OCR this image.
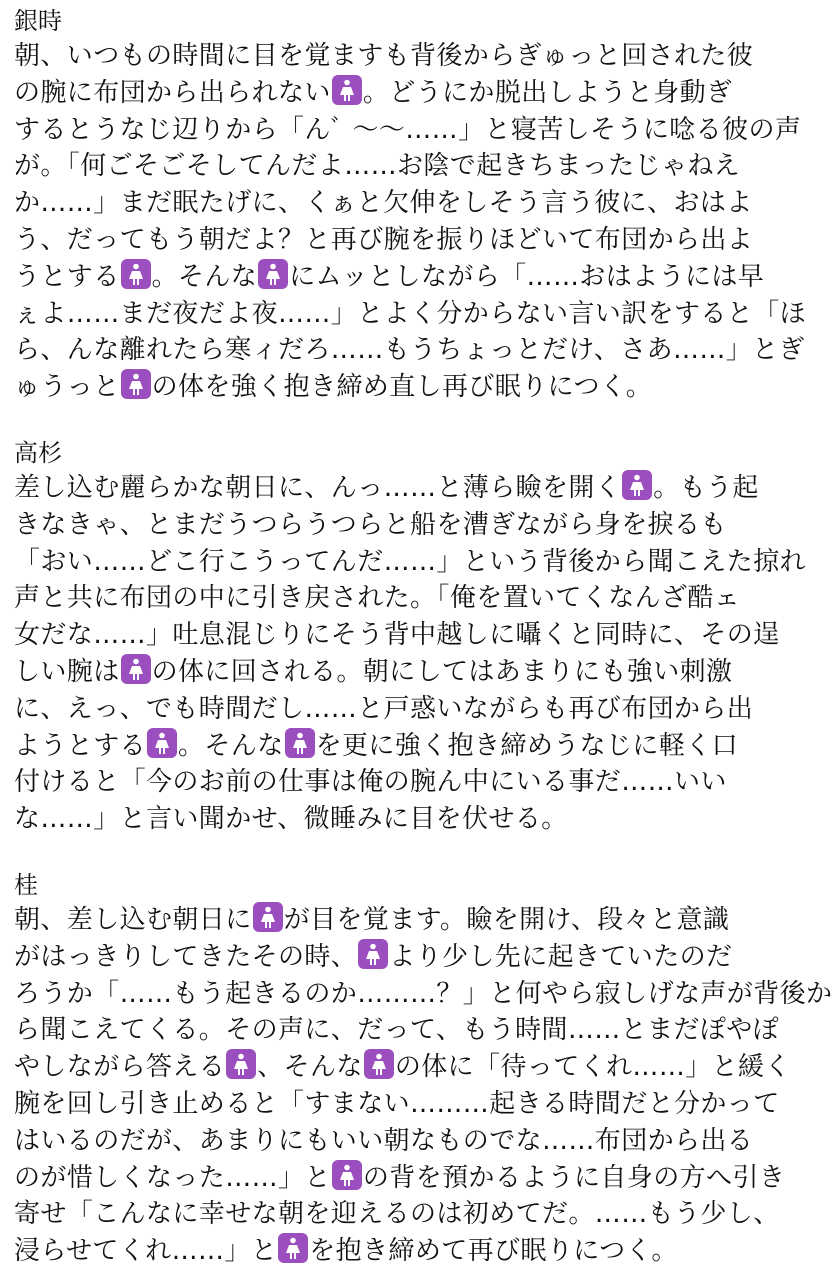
銀時
朝、いつもの時間に目を覚ますも背後からぎゅっと回された彼
の腕に布団から出られない 。どうにか脱出しようと身動ぎ
するとうなじ辺りから「んﾞ 〜〜……」と寝苦しそうに唸る彼の声
が。「何ごそごそしてんだよ……お陰で起きちまったじゃねえ
か……」まだ眠たげに、くぁと欠伸をしそう言う彼に、おはよ
う、だってもう朝だよ？と再び腕を振りほどいて布団から出よ
うとする 。そんな にムッとしながら「……おはようには早
ぇよ……まだ夜だよ夜……」とよく分からない言い訳をすると「ほ
ら、んな離れたら寒ィだろ……もうちょっとだけ、さあ……」とぎ
ゅうっと の体を強く抱き締め直し再び眠りにつく。
高杉
差し込む麗らかな朝日に、んっ……と薄ら瞼を開く 。もう起
きなきゃ、とまだうつらうつらと船を漕ぎながら身を捩るも
「おい……どこ行こうってんだ……」という背後から聞こえた掠れ
声と共に布団の中に引き戻された。「俺を置いてくなんざ酷ェ
女だな……」吐息混じりにそう背中越しに囁くと同時に、その逞
しい腕は の体に回される。朝にしてはあまりにも強い刺激
に、えっ、でも時間だし……と戸惑いながらも再び布団から出
ようとする 。そんな を更に強く抱き締めうなじに軽く口
付けると「今のお前の仕事は俺の腕ん中にいる事だ……いい
な……」と言い聞かせ、微睡みに目を伏せる。
桂
朝、差し込む朝日に が目を覚ます。瞼を開け、段々と意識
がはっきりしてきたその時、 より少し先に起きていたのだ
ろうか「……もう起きるのか………？」と何やら寂しげな声が背後か
ら聞こえてくる。その声に、だって、もう時間……とまだぽやぽ
やしながら答える 、そんな の体に「待ってくれ……」と緩く
腕を回し引き止めると「すまない………起きる時間だと分かって
はいるのだが、あまりにもいい朝なものでな……布団から出る
のが惜しくなった……」と の背を預かるように自身の方へ引き
寄せ「こんなに幸せな朝を迎えるのは初めてだ。……もう少し、
浸らせてくれ……」と を抱き締めて再び眠りにつく。
